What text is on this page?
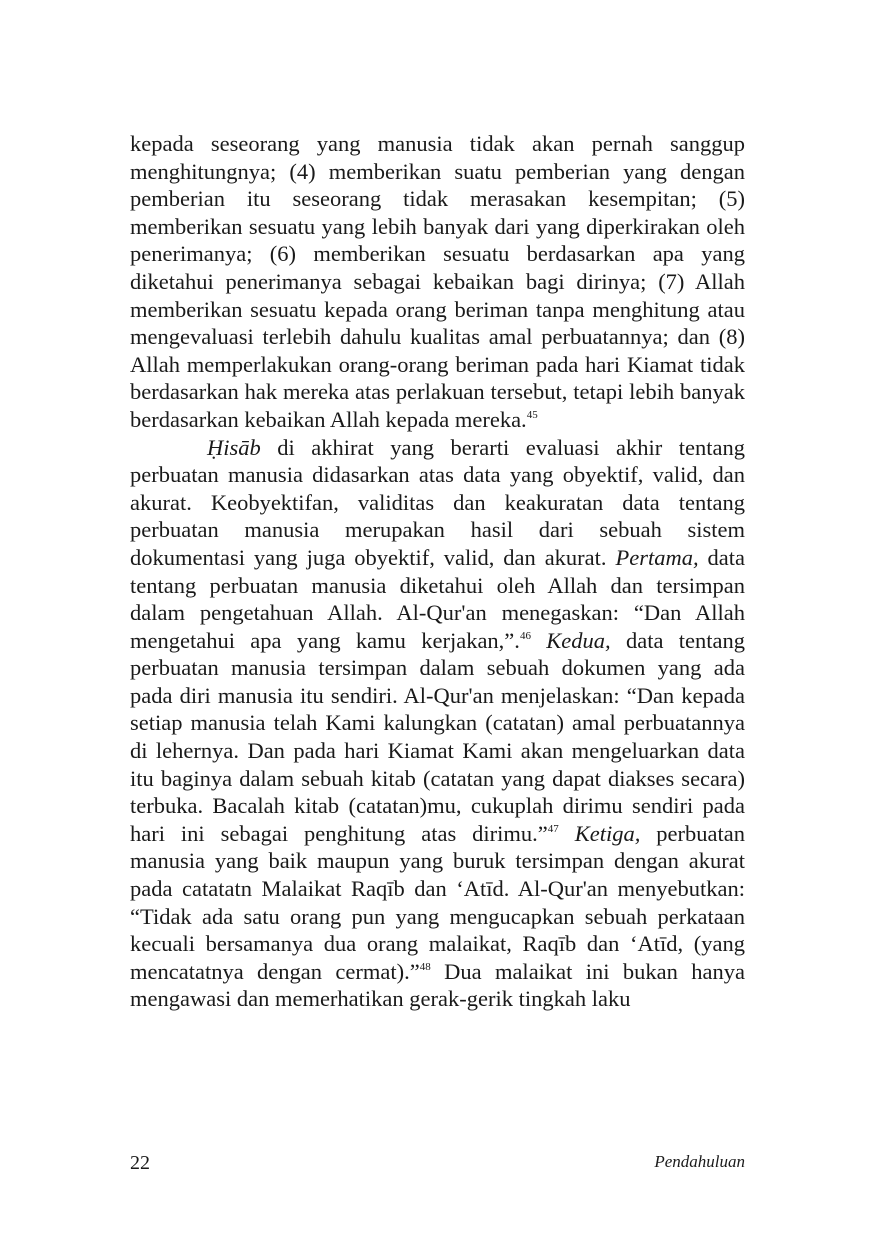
kepada seseorang yang manusia tidak akan pernah sanggup menghitungnya; (4) memberikan suatu pemberian yang dengan pemberian itu seseorang tidak merasakan kesempitan; (5) memberikan sesuatu yang lebih banyak dari yang diperkirakan oleh penerimanya; (6) memberikan sesuatu berdasarkan apa yang diketahui penerimanya sebagai kebaikan bagi dirinya; (7) Allah memberikan sesuatu kepada orang beriman tanpa menghitung atau mengevaluasi terlebih dahulu kualitas amal perbuatannya; dan (8) Allah memperlakukan orang-orang beriman pada hari Kiamat tidak berdasarkan hak mereka atas perlakuan tersebut, tetapi lebih banyak berdasarkan kebaikan Allah kepada mereka.$^{45}$

Ḥisāb di akhirat yang berarti evaluasi akhir tentang perbuatan manusia didasarkan atas data yang obyektif, valid, dan akurat. Keobyektifan, validitas dan keakuratan data tentang perbuatan manusia merupakan hasil dari sebuah sistem dokumentasi yang juga obyektif, valid, dan akurat. Pertama, data tentang perbuatan manusia diketahui oleh Allah dan tersimpan dalam pengetahuan Allah. Al-Qur'an menegaskan: “Dan Allah mengetahui apa yang kamu kerjakan,”.$^{46}$ Kedua, data tentang perbuatan manusia tersimpan dalam sebuah dokumen yang ada pada diri manusia itu sendiri. Al-Qur'an menjelaskan: “Dan kepada setiap manusia telah Kami kalungkan (catatan) amal perbuatannya di lehernya. Dan pada hari Kiamat Kami akan mengeluarkan data itu baginya dalam sebuah kitab (catatan yang dapat diakses secara) terbuka. Bacalah kitab (catatan)mu, cukuplah dirimu sendiri pada hari ini sebagai penghitung atas dirimu.”$^{47}$ Ketiga, perbuatan manusia yang baik maupun yang buruk tersimpan dengan akurat pada catatatn Malaikat Raqīb dan ‘Atīd. Al-Qur'an menyebutkan: “Tidak ada satu orang pun yang mengucapkan sebuah perkataan kecuali bersamanya dua orang malaikat, Raqīb dan ‘Atīd, (yang mencatatnya dengan cermat).”$^{48}$ Dua malaikat ini bukan hanya mengawasi dan memerhatikan gerak-gerik tingkah laku

22	Pendahuluan
